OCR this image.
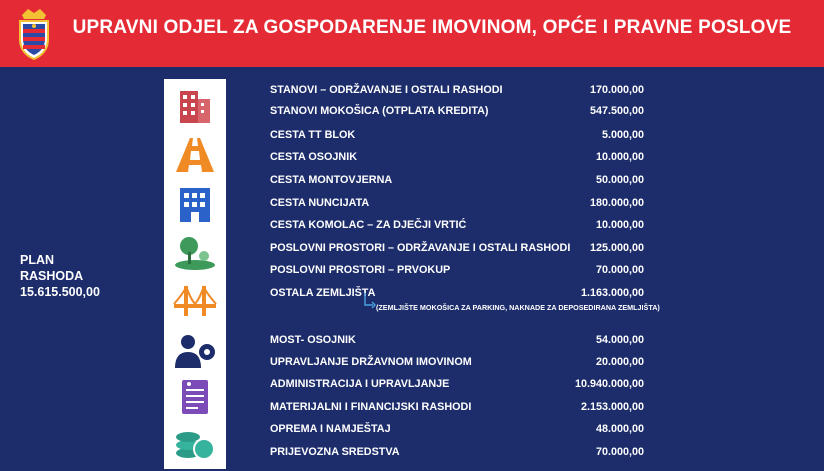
UPRAVNI ODJEL ZA GOSPODARENJE IMOVINOM, OPĆE I PRAVNE POSLOVE
PLAN
RASHODA
15.615.500,00
STANOVI – ODRŽAVANJE I OSTALI RASHODI	170.000,00
STANOVI MOKOŠICA (OTPLATA KREDITA)	547.500,00
CESTA TT BLOK	5.000,00
CESTA OSOJNIK	10.000,00
CESTA MONTOVJERNA	50.000,00
CESTA NUNCIJATA	180.000,00
CESTA KOMOLAC – ZA DJEČJI VRTIĆ	10.000,00
POSLOVNI PROSTORI – ODRŽAVANJE I OSTALI RASHODI 125.000,00
POSLOVNI PROSTORI – PRVOKUP	70.000,00
OSTALA ZEMLJIŠTA	1.163.000,00
MOST- OSOJNIK	54.000,00
UPRAVLJANJE DRŽAVNOM IMOVINOM	20.000,00
ADMINISTRACIJA I UPRAVLJANJE	10.940.000,00
MATERIJALNI I FINANCIJSKI RASHODI	2.153.000,00
OPREMA I NAMJEŠTAJ	48.000,00
PRIJEVOZNA SREDSTVA	70.000,00
(ZEMLJIŠTE MOKOŠICA ZA PARKING, NAKNADE ZA DEPOSEDIRANA ZEMLJIŠTA)
